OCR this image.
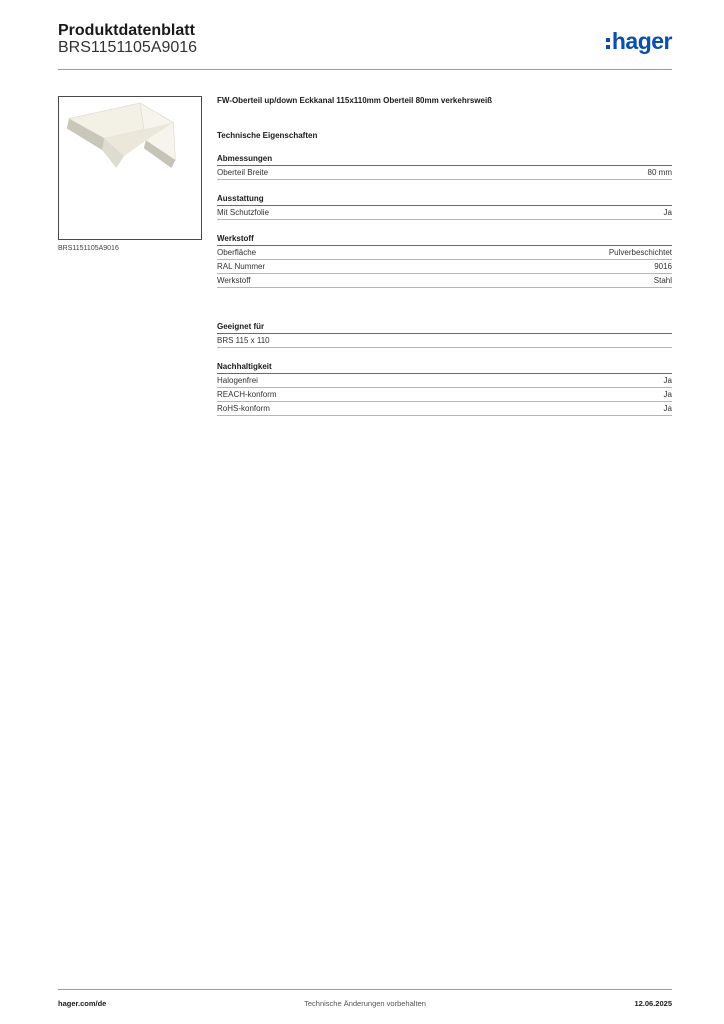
Produktdatenblatt
BRS1151105A9016	hager
BRS1151105A9016
FW-Oberteil up/down Eckkanal 115x110mm Oberteil 80mm verkehrsweiß
Technische Eigenschaften
Abmessungen
Oberteil Breite	80 mm
Ausstattung
Mit Schutzfolie	Ja
Werkstoff
Oberfläche	Pulverbeschichtet
RAL Nummer	9016
Werkstoff	Stahl
Geeignet für
BRS 115 x 110
Nachhaltigkeit
Halogenfrei	Ja
REACH-konform	Ja
RoHS-konform	Ja
Technische Änderungen vorbehalten
hager.com/de	12.06.2025
